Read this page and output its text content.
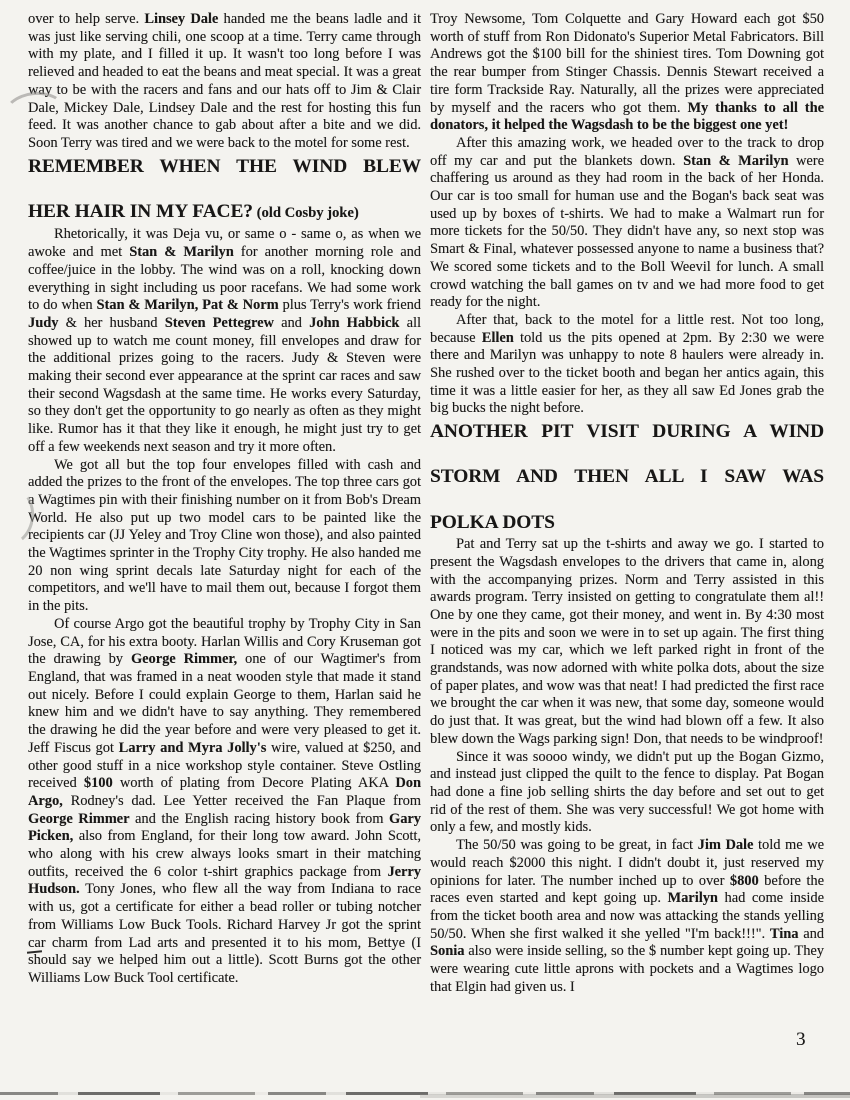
over to help serve. Linsey Dale handed me the beans ladle and it was just like serving chili, one scoop at a time. Terry came through with my plate, and I filled it up. It wasn't too long before I was relieved and headed to eat the beans and meat special. It was a great way to be with the racers and fans and our hats off to Jim & Clair Dale, Mickey Dale, Lindsey Dale and the rest for hosting this fun feed. It was another chance to gab about after a bite and we did. Soon Terry was tired and we were back to the motel for some rest.
REMEMBER WHEN THE WIND BLEW
HER HAIR IN MY FACE? (old Cosby joke)
Rhetorically, it was Deja vu, or same o - same o, as when we awoke and met Stan & Marilyn for another morning role and coffee/juice in the lobby. The wind was on a roll, knocking down everything in sight including us poor racefans. We had some work to do when Stan & Marilyn, Pat & Norm plus Terry's work friend Judy & her husband Steven Pettegrew and John Habbick all showed up to watch me count money, fill envelopes and draw for the additional prizes going to the racers. Judy & Steven were making their second ever appearance at the sprint car races and saw their second Wagsdash at the same time. He works every Saturday, so they don't get the opportunity to go nearly as often as they might like. Rumor has it that they like it enough, he might just try to get off a few weekends next season and try it more often.
We got all but the top four envelopes filled with cash and added the prizes to the front of the envelopes. The top three cars got a Wagtimes pin with their finishing number on it from Bob's Dream World. He also put up two model cars to be painted like the recipients car (JJ Yeley and Troy Cline won those), and also painted the Wagtimes sprinter in the Trophy City trophy. He also handed me 20 non wing sprint decals late Saturday night for each of the competitors, and we'll have to mail them out, because I forgot them in the pits.
Of course Argo got the beautiful trophy by Trophy City in San Jose, CA, for his extra booty. Harlan Willis and Cory Kruseman got the drawing by George Rimmer, one of our Wagtimer's from England, that was framed in a neat wooden style that made it stand out nicely. Before I could explain George to them, Harlan said he knew him and we didn't have to say anything. They remembered the drawing he did the year before and were very pleased to get it. Jeff Fiscus got Larry and Myra Jolly's wire, valued at $250, and other good stuff in a nice workshop style container. Steve Ostling received $100 worth of plating from Decore Plating AKA Don Argo, Rodney's dad. Lee Yetter received the Fan Plaque from George Rimmer and the English racing history book from Gary Picken, also from England, for their long tow award. John Scott, who along with his crew always looks smart in their matching outfits, received the 6 color t-shirt graphics package from Jerry Hudson. Tony Jones, who flew all the way from Indiana to race with us, got a certificate for either a bead roller or tubing notcher from Williams Low Buck Tools. Richard Harvey Jr got the sprint car charm from Lad arts and presented it to his mom, Bettye (I should say we helped him out a little). Scott Burns got the other Williams Low Buck Tool certificate.
Troy Newsome, Tom Colquette and Gary Howard each got $50 worth of stuff from Ron Didonato's Superior Metal Fabricators. Bill Andrews got the $100 bill for the shiniest tires. Tom Downing got the rear bumper from Stinger Chassis. Dennis Stewart received a tire form Trackside Ray. Naturally, all the prizes were appreciated by myself and the racers who got them. My thanks to all the donators, it helped the Wagsdash to be the biggest one yet!
After this amazing work, we headed over to the track to drop off my car and put the blankets down. Stan & Marilyn were chaffering us around as they had room in the back of her Honda. Our car is too small for human use and the Bogan's back seat was used up by boxes of t-shirts. We had to make a Walmart run for more tickets for the 50/50. They didn't have any, so next stop was Smart & Final, whatever possessed anyone to name a business that? We scored some tickets and to the Boll Weevil for lunch. A small crowd watching the ball games on tv and we had more food to get ready for the night.
After that, back to the motel for a little rest. Not too long, because Ellen told us the pits opened at 2pm. By 2:30 we were there and Marilyn was unhappy to note 8 haulers were already in. She rushed over to the ticket booth and began her antics again, this time it was a little easier for her, as they all saw Ed Jones grab the big bucks the night before.
ANOTHER PIT VISIT DURING A WIND
STORM AND THEN ALL I SAW WAS
POLKA DOTS
Pat and Terry sat up the t-shirts and away we go. I started to present the Wagsdash envelopes to the drivers that came in, along with the accompanying prizes. Norm and Terry assisted in this awards program. Terry insisted on getting to congratulate them al!! One by one they came, got their money, and went in. By 4:30 most were in the pits and soon we were in to set up again. The first thing I noticed was my car, which we left parked right in front of the grandstands, was now adorned with white polka dots, about the size of paper plates, and wow was that neat! I had predicted the first race we brought the car when it was new, that some day, someone would do just that. It was great, but the wind had blown off a few. It also blew down the Wags parking sign! Don, that needs to be windproof!
Since it was soooo windy, we didn't put up the Bogan Gizmo, and instead just clipped the quilt to the fence to display. Pat Bogan had done a fine job selling shirts the day before and set out to get rid of the rest of them. She was very successful! We got home with only a few, and mostly kids.
The 50/50 was going to be great, in fact Jim Dale told me we would reach $2000 this night. I didn't doubt it, just reserved my opinions for later. The number inched up to over $800 before the races even started and kept going up. Marilyn had come inside from the ticket booth area and now was attacking the stands yelling 50/50. When she first walked it she yelled "I'm back!!!". Tina and Sonia also were inside selling, so the $ number kept going up. They were wearing cute little aprons with pockets and a Wagtimes logo that Elgin had given us. I
3
